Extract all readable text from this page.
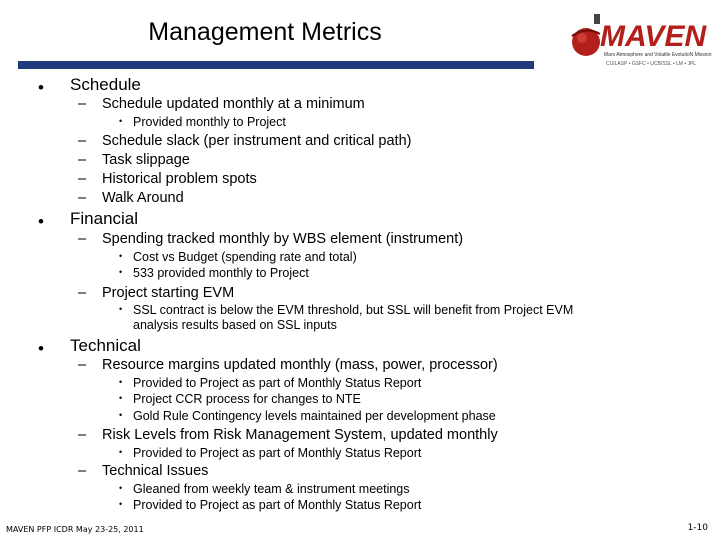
Management Metrics	MAVEN
Mars Atmosphere and Volatile EvolutioN Mission
CU/LASP • GSFC • UCB/SSL • LM • JPL
• Schedule
– Schedule updated monthly at a minimum
• Provided monthly to Project
– Schedule slack (per instrument and critical path)
– Task slippage
– Historical problem spots
– Walk Around
• Financial
– Spending tracked monthly by WBS element (instrument)
• Cost vs Budget (spending rate and total)
• 533 provided monthly to Project
– Project starting EVM
• SSL contract is below the EVM threshold, but SSL will benefit from Project EVM
analysis results based on SSL inputs
• Technical
– Resource margins updated monthly (mass, power, processor)
• Provided to Project as part of Monthly Status Report
• Project CCR process for changes to NTE
• Gold Rule Contingency levels maintained per development phase
– Risk Levels from Risk Management System, updated monthly
• Provided to Project as part of Monthly Status Report
– Technical Issues
• Gleaned from weekly team & instrument meetings
• Provided to Project as part of Monthly Status Report
MAVEN PFP ICDR May 23-25, 2011	1-10
